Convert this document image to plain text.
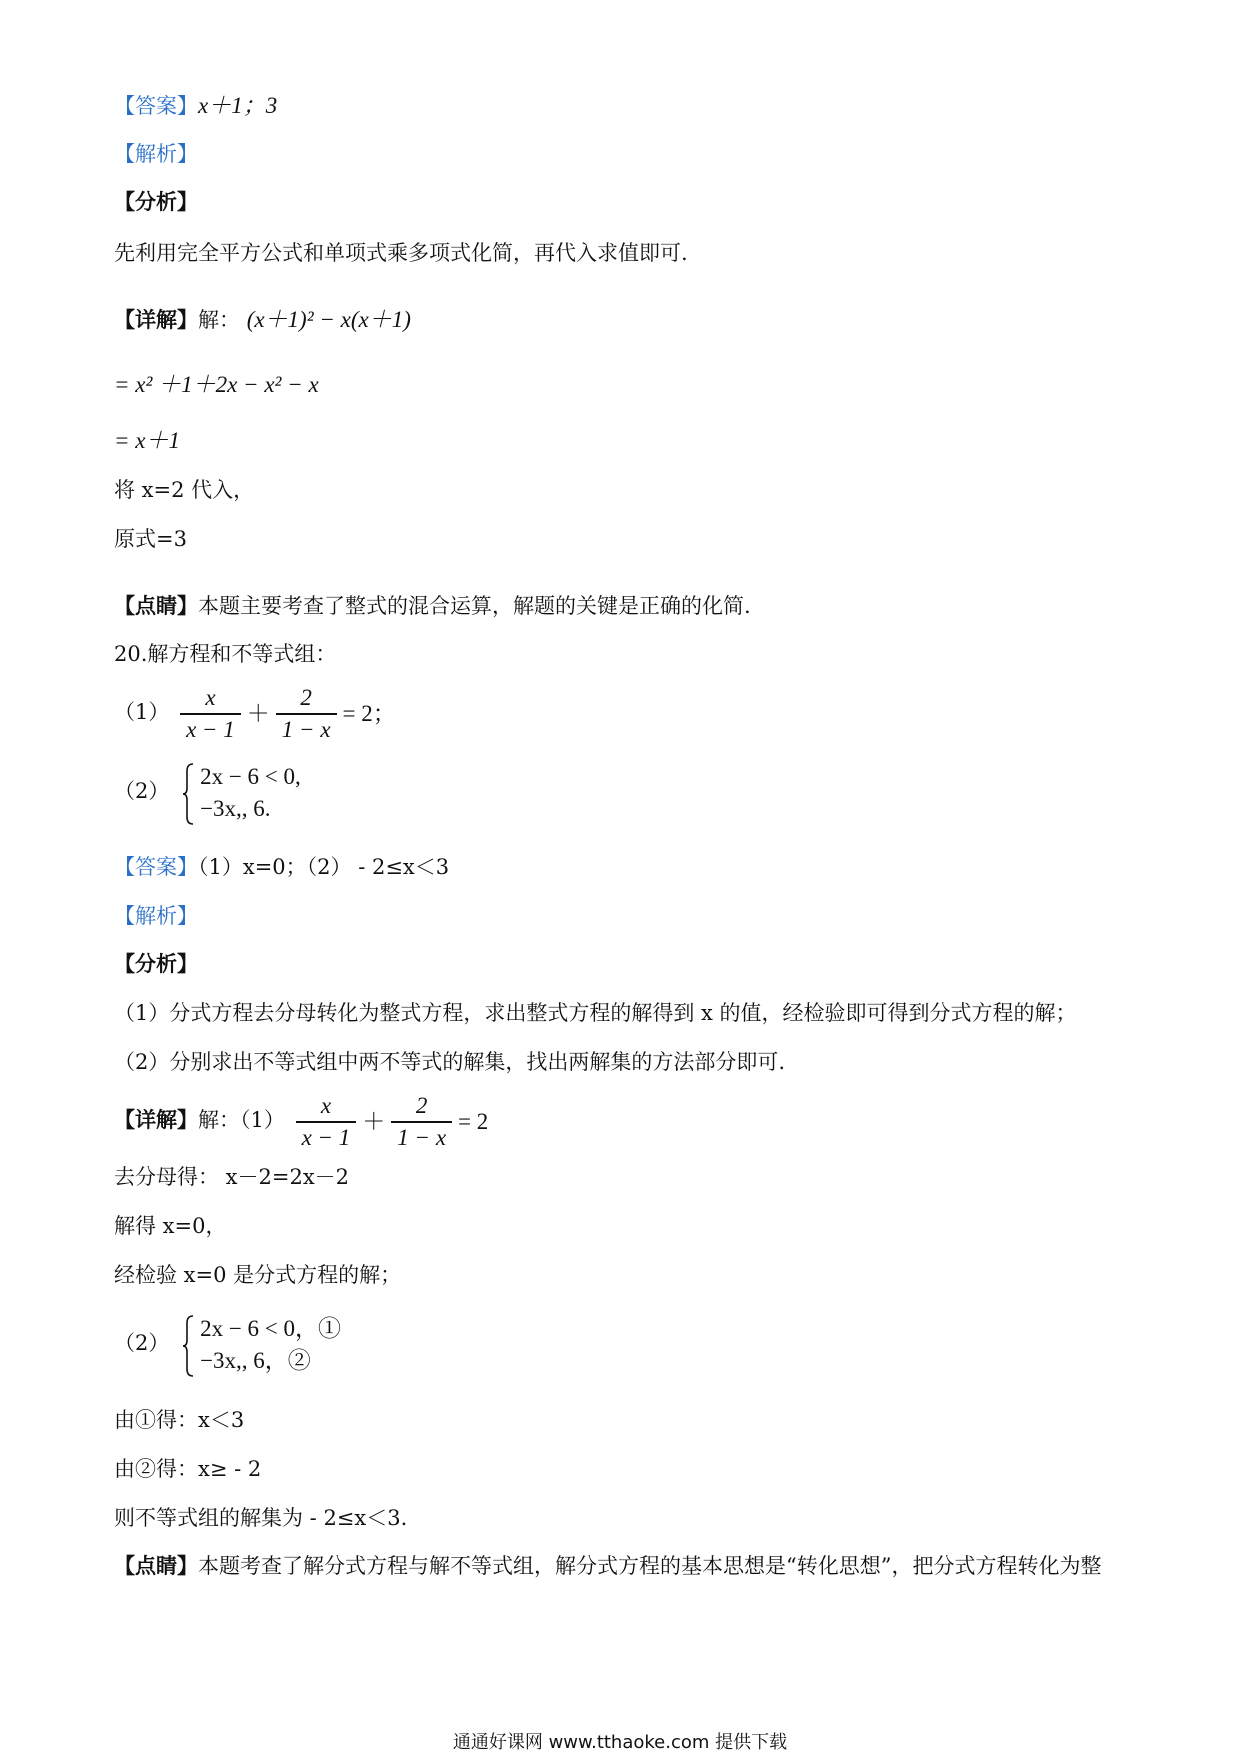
【答案】x＋1；3
【解析】
【分析】
先利用完全平方公式和单项式乘多项式化简，再代入求值即可.
【详解】解： (x＋1)² − x(x＋1)
= x² ＋1＋2x − x² − x
= x＋1
将 x=2 代入，
原式=3
【点睛】本题主要考查了整式的混合运算，解题的关键是正确的化简.
20.解方程和不等式组：
$(1) \frac{x}{x - 1} + \frac{2}{1 - x} = 2$；
（2）
2x − 6 < 0,
−3x,, 6.
【答案】（1）x=0；（2） - 2≤x＜3
【解析】
【分析】
（1）分式方程去分母转化为整式方程，求出整式方程的解得到 x 的值，经检验即可得到分式方程的解；
（2）分别求出不等式组中两不等式的解集，找出两解集的方法部分即可.
【详解】解：$(1) \frac{x}{x - 1} + \frac{2}{1 - x} = 2$
去分母得： x－2=2x－2
解得 x=0，
经检验 x=0 是分式方程的解；
（2）
2x − 6 < 0，①
−3x,, 6，②
由①得：x＜3
由②得：x≥ - 2
则不等式组的解集为 - 2≤x＜3.
【点睛】本题考查了解分式方程与解不等式组，解分式方程的基本思想是“转化思想”，把分式方程转化为整
通通好课网 www.tthaoke.com 提供下载
